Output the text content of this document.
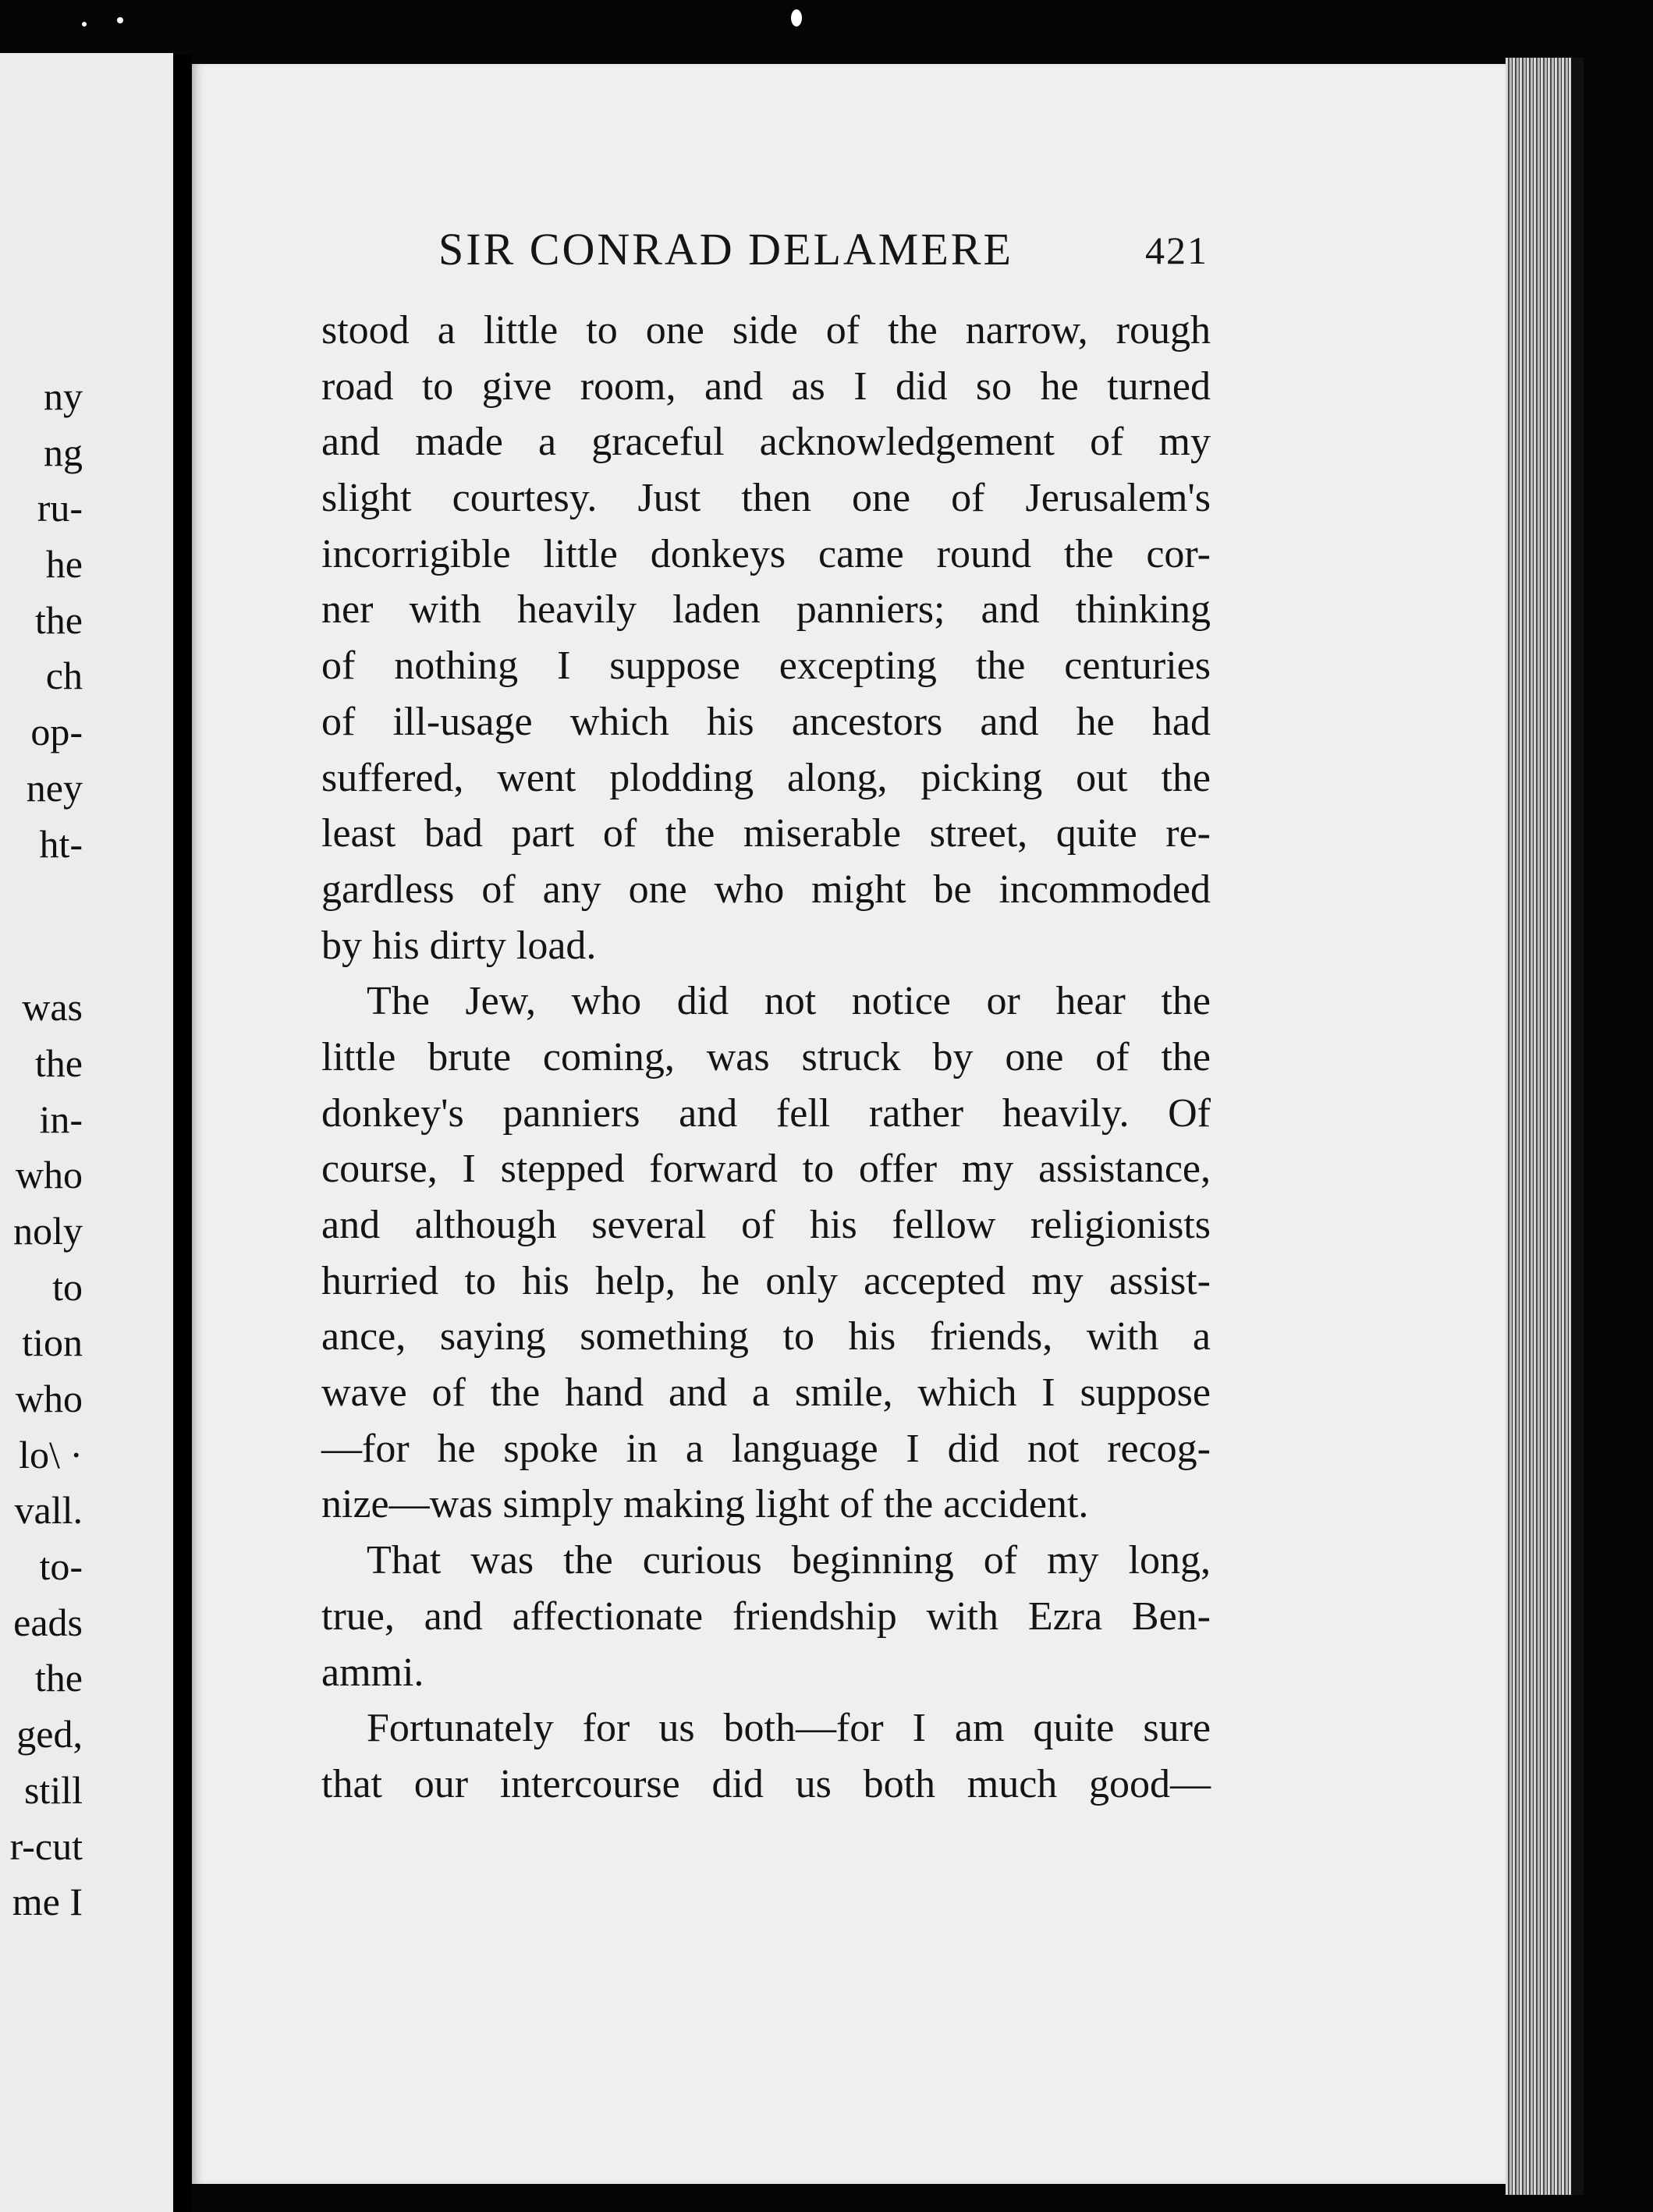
ny
ng
ru-
he
the
ch
op-
ney
ht-
was
the
in-
who
noly
to
tion
who
lo\ ·
vall.
to-
eads
the
ged,
still
r-cut
me I
SIR CONRAD DELAMERE	421
stood a little to one side of the narrow, rough
road to give room, and as I did so he turned
and made a graceful acknowledgement of my
slight courtesy. Just then one of Jerusalem's
incorrigible little donkeys came round the cor-
ner with heavily laden panniers; and thinking
of nothing I suppose excepting the centuries
of ill-usage which his ancestors and he had
suffered, went plodding along, picking out the
least bad part of the miserable street, quite re-
gardless of any one who might be incommoded
by his dirty load.
The Jew, who did not notice or hear the
little brute coming, was struck by one of the
donkey's panniers and fell rather heavily. Of
course, I stepped forward to offer my assistance,
and although several of his fellow religionists
hurried to his help, he only accepted my assist-
ance, saying something to his friends, with a
wave of the hand and a smile, which I suppose
—for he spoke in a language I did not recog-
nize—was simply making light of the accident.
That was the curious beginning of my long,
true, and affectionate friendship with Ezra Ben-
ammi.
Fortunately for us both—for I am quite sure
that our intercourse did us both much good—
